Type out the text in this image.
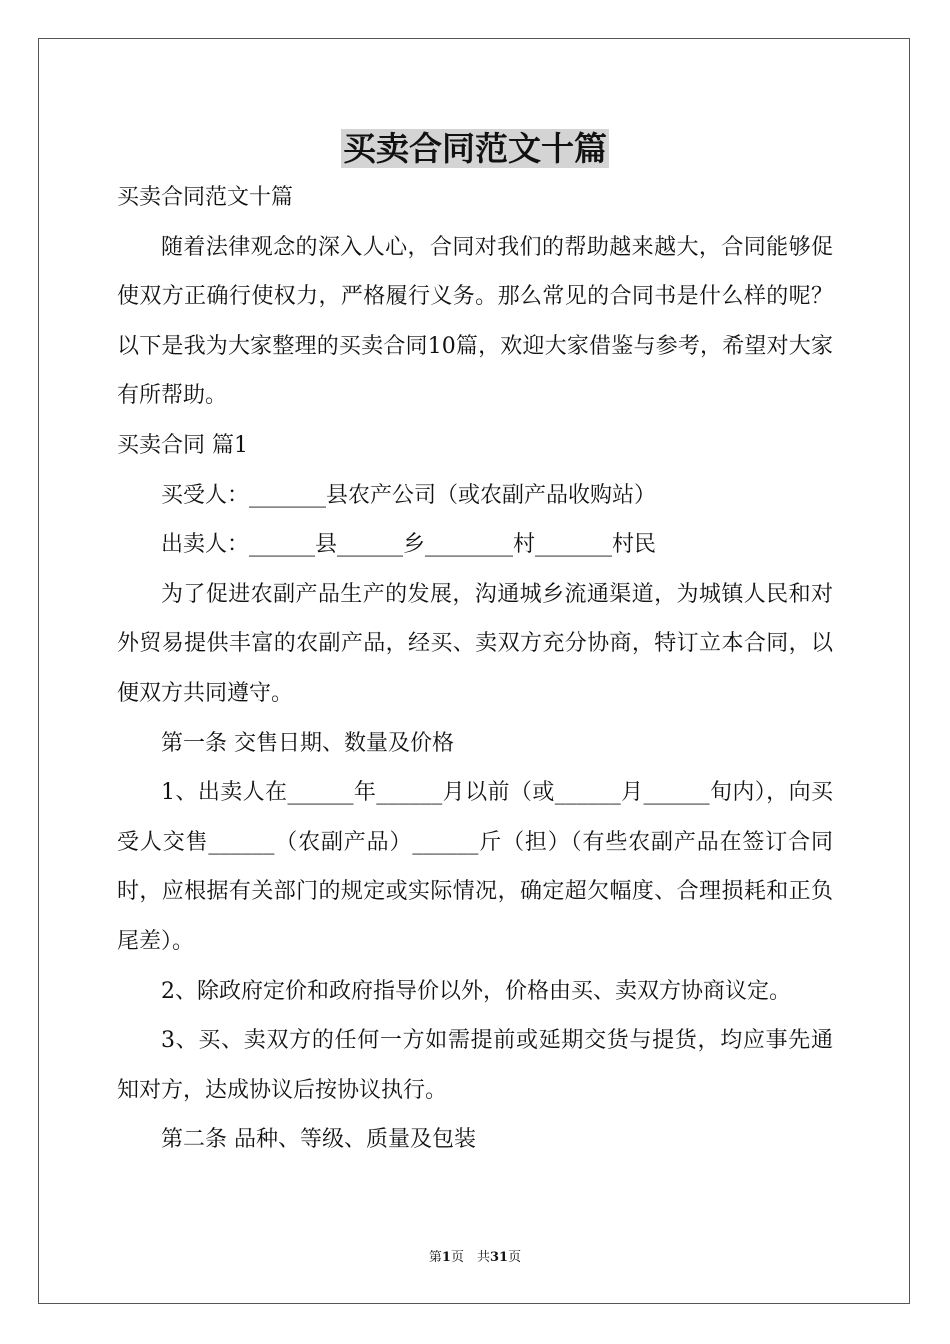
买卖合同范文十篇

买卖合同范文十篇

随着法律观念的深入人心，合同对我们的帮助越来越大，合同能够促使双方正确行使权力，严格履行义务。那么常见的合同书是什么样的呢？以下是我为大家整理的买卖合同10篇，欢迎大家借鉴与参考，希望对大家有所帮助。

买卖合同 篇1

买受人：_______县农产公司（或农副产品收购站）

出卖人：______县______乡________村_______村民

为了促进农副产品生产的发展，沟通城乡流通渠道，为城镇人民和对外贸易提供丰富的农副产品，经买、卖双方充分协商，特订立本合同，以便双方共同遵守。

第一条 交售日期、数量及价格

1、出卖人在______年______月以前（或______月______旬内），向买受人交售______（农副产品）______斤（担）（有些农副产品在签订合同时，应根据有关部门的规定或实际情况，确定超欠幅度、合理损耗和正负尾差）。

2、除政府定价和政府指导价以外，价格由买、卖双方协商议定。

3、买、卖双方的任何一方如需提前或延期交货与提货，均应事先通知对方，达成协议后按协议执行。

第二条 品种、等级、质量及包装

第1页　共31页
